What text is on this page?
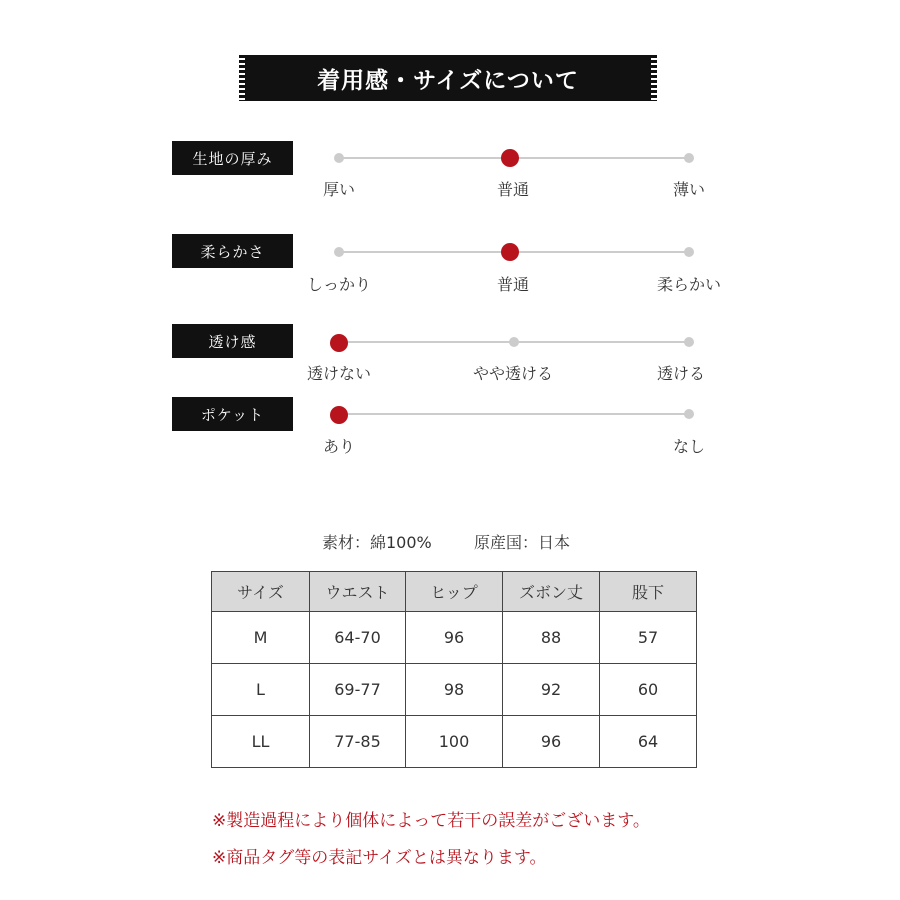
着用感・サイズについて
生地の厚み
厚い	普通	薄い
柔らかさ
しっかり	普通	柔らかい
透け感
透けない	やや透ける	透ける
ポケット
あり	なし
素材：綿100%	原産国：日本
サイズ	ウエスト	ヒップ	ズボン丈	股下
M	64-70	96	88	57
L	69-77	98	92	60
LL	77-85	100	96	64
※製造過程により個体によって若干の誤差がございます。
※商品タグ等の表記サイズとは異なります。
